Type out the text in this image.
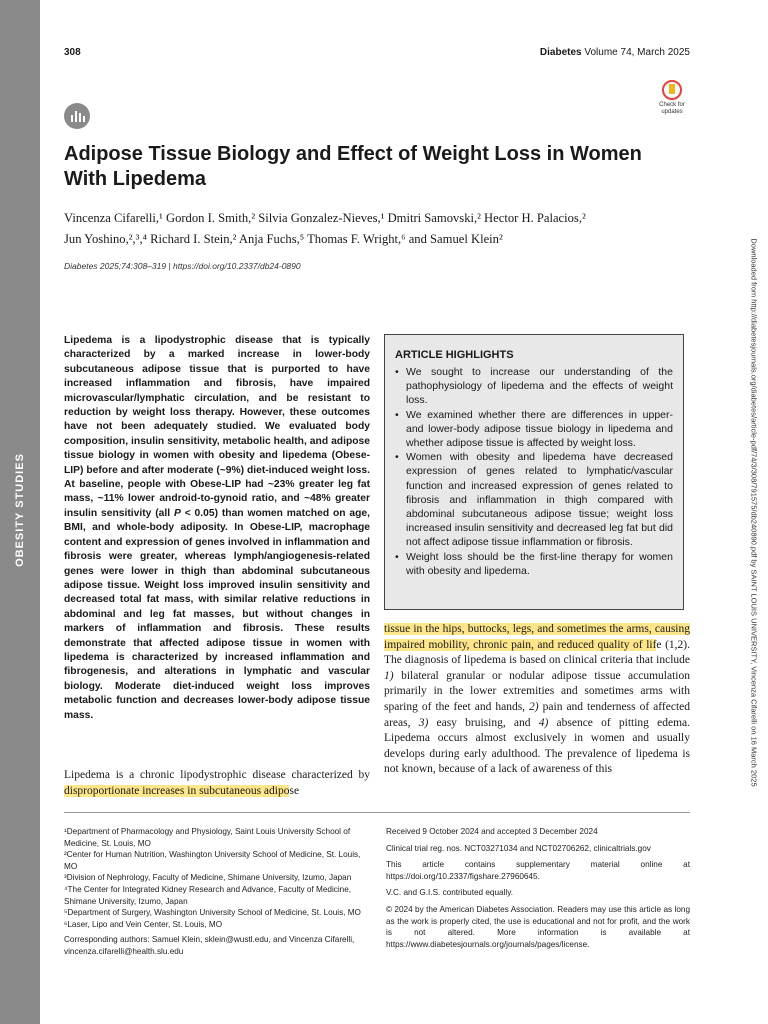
OBESITY STUDIES
308	Diabetes Volume 74, March 2025
Check for
updates
Adipose Tissue Biology and Effect of Weight Loss in Women With Lipedema
Vincenza Cifarelli,¹ Gordon I. Smith,² Silvia Gonzalez-Nieves,¹ Dmitri Samovski,² Hector H. Palacios,²
Jun Yoshino,²,³,⁴ Richard I. Stein,² Anja Fuchs,⁵ Thomas F. Wright,⁶ and Samuel Klein²
Diabetes 2025;74:308–319 | https://doi.org/10.2337/db24-0890	Downloaded from http://diabetesjournals.org/diabetes/article-pdf/74/3/308/791575/db240890.pdf by SAINT LOUIS UNIVERSITY, Vincenza Cifarelli on 16 March 2025

Lipedema is a lipodystrophic disease that is typically characterized by a marked increase in lower-body subcutaneous adipose tissue that is purported to have increased inflammation and fibrosis, have impaired microvascular/lymphatic circulation, and be resistant to reduction by weight loss therapy. However, these outcomes have not been adequately studied. We evaluated body composition, insulin sensitivity, metabolic health, and adipose tissue biology in women with obesity and lipedema (Obese-LIP) before and after moderate (~9%) diet-induced weight loss. At baseline, people with Obese-LIP had ~23% greater leg fat mass, ~11% lower android-to-gynoid ratio, and ~48% greater insulin sensitivity (all P < 0.05) than women matched on age, BMI, and whole-body adiposity. In Obese-LIP, macrophage content and expression of genes involved in inflammation and fibrosis were greater, whereas lymph/angiogenesis-related genes were lower in thigh than abdominal subcutaneous adipose tissue. Weight loss improved insulin sensitivity and decreased total fat mass, with similar relative reductions in abdominal and leg fat masses, but without changes in markers of inflammation and fibrosis. These results demonstrate that affected adipose tissue in women with lipedema is characterized by increased inflammation and fibrogenesis, and alterations in lymphatic and vascular biology. Moderate diet-induced weight loss improves metabolic function and decreases lower-body adipose tissue mass.

Lipedema is a chronic lipodystrophic disease characterized by disproportionate increases in subcutaneous adipose

ARTICLE HIGHLIGHTS
• We sought to increase our understanding of the pathophysiology of lipedema and the effects of weight loss.
• We examined whether there are differences in upper- and lower-body adipose tissue biology in lipedema and whether adipose tissue is affected by weight loss.
• Women with obesity and lipedema have decreased expression of genes related to lymphatic/vascular function and increased expression of genes related to fibrosis and inflammation in thigh compared with abdominal subcutaneous adipose tissue; weight loss increased insulin sensitivity and decreased leg fat but did not affect adipose tissue inflammation or fibrosis.
• Weight loss should be the first-line therapy for women with obesity and lipedema.

tissue in the hips, buttocks, legs, and sometimes the arms, causing impaired mobility, chronic pain, and reduced quality of life (1,2). The diagnosis of lipedema is based on clinical criteria that include 1) bilateral granular or nodular adipose tissue accumulation primarily in the lower extremities and sometimes arms with sparing of the feet and hands, 2) pain and tenderness of affected areas, 3) easy bruising, and 4) absence of pitting edema. Lipedema occurs almost exclusively in women and usually develops during early adulthood. The prevalence of lipedema is not known, because of a lack of awareness of this

¹Department of Pharmacology and Physiology, Saint Louis University School of Medicine, St. Louis, MO

²Center for Human Nutrition, Washington University School of Medicine, St. Louis, MO

³Division of Nephrology, Faculty of Medicine, Shimane University, Izumo, Japan

⁴The Center for Integrated Kidney Research and Advance, Faculty of Medicine, Shimane University, Izumo, Japan

⁵Department of Surgery, Washington University School of Medicine, St. Louis, MO

⁶Laser, Lipo and Vein Center, St. Louis, MO

Corresponding authors: Samuel Klein, sklein@wustl.edu, and Vincenza Cifarelli, vincenza.cifarelli@health.slu.edu

Received 9 October 2024 and accepted 3 December 2024

Clinical trial reg. nos. NCT03271034 and NCT02706262, clinicaltrials.gov

This article contains supplementary material online at https://doi.org/10.2337/figshare.27960645.

V.C. and G.I.S. contributed equally.

© 2024 by the American Diabetes Association. Readers may use this article as long as the work is properly cited, the use is educational and not for profit, and the work is not altered. More information is available at https://www.diabetesjournals.org/journals/pages/license.
